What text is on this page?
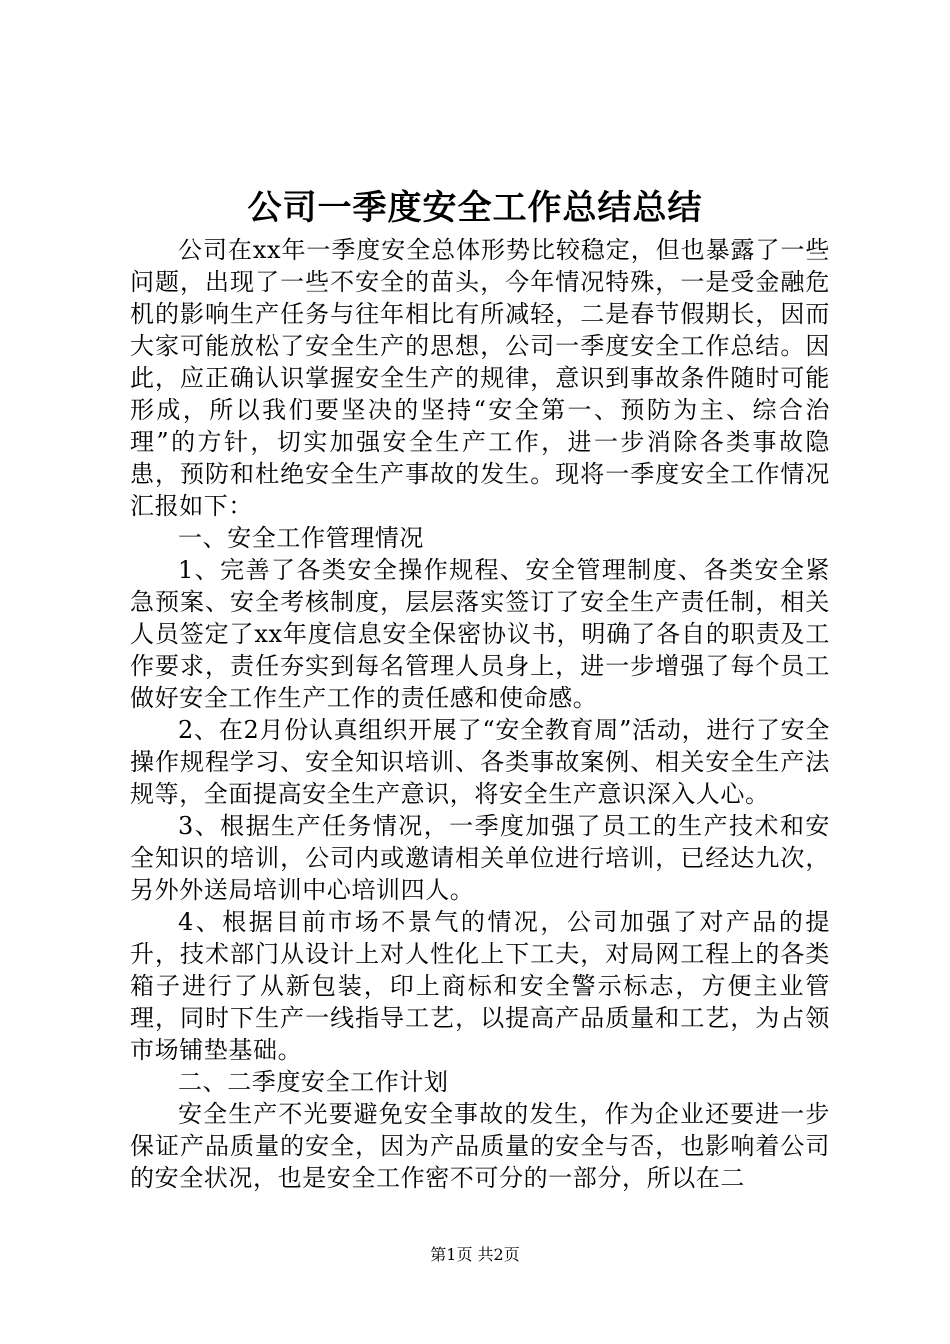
公司一季度安全工作总结总结

公司在xx年一季度安全总体形势比较稳定，但也暴露了一些问题，出现了一些不安全的苗头，今年情况特殊，一是受金融危机的影响生产任务与往年相比有所减轻，二是春节假期长，因而大家可能放松了安全生产的思想，公司一季度安全工作总结。因此，应正确认识掌握安全生产的规律，意识到事故条件随时可能形成，所以我们要坚决的坚持“安全第一、预防为主、综合治理”的方针，切实加强安全生产工作，进一步消除各类事故隐患，预防和杜绝安全生产事故的发生。现将一季度安全工作情况汇报如下：

一、安全工作管理情况

1、完善了各类安全操作规程、安全管理制度、各类安全紧急预案、安全考核制度，层层落实签订了安全生产责任制，相关人员签定了xx年度信息安全保密协议书，明确了各自的职责及工作要求，责任夯实到每名管理人员身上，进一步增强了每个员工做好安全工作生产工作的责任感和使命感。

2、在2月份认真组织开展了“安全教育周”活动，进行了安全操作规程学习、安全知识培训、各类事故案例、相关安全生产法规等，全面提高安全生产意识，将安全生产意识深入人心。

3、根据生产任务情况，一季度加强了员工的生产技术和安全知识的培训，公司内或邀请相关单位进行培训，已经达九次，另外外送局培训中心培训四人。

4、根据目前市场不景气的情况，公司加强了对产品的提升，技术部门从设计上对人性化上下工夫，对局网工程上的各类箱子进行了从新包装，印上商标和安全警示标志，方便主业管理，同时下生产一线指导工艺，以提高产品质量和工艺，为占领市场铺垫基础。

二、二季度安全工作计划

安全生产不光要避免安全事故的发生，作为企业还要进一步保证产品质量的安全，因为产品质量的安全与否，也影响着公司的安全状况，也是安全工作密不可分的一部分，所以在二

第1页 共2页
